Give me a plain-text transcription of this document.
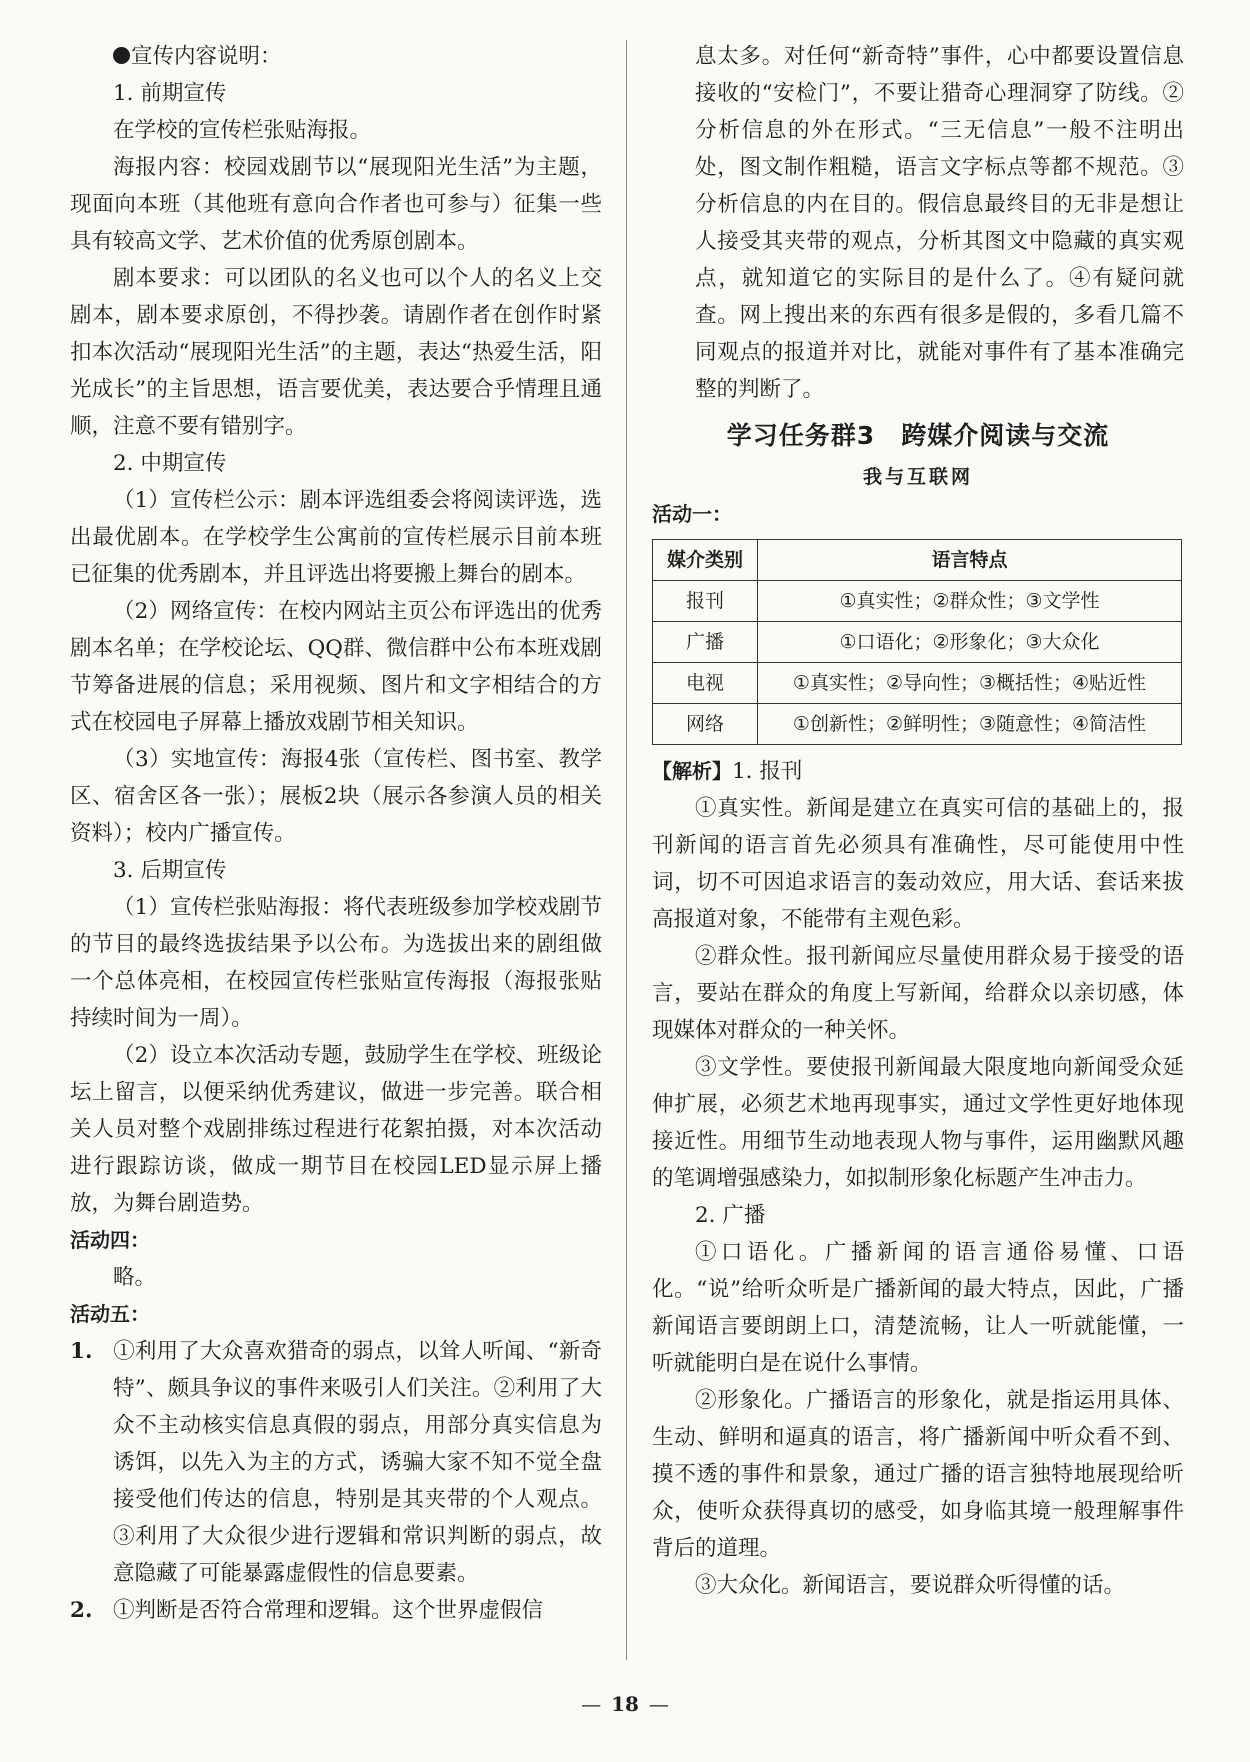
宣传内容说明：

1. 前期宣传

在学校的宣传栏张贴海报。

海报内容：校园戏剧节以“展现阳光生活”为主题，现面向本班（其他班有意向合作者也可参与）征集一些具有较高文学、艺术价值的优秀原创剧本。

剧本要求：可以团队的名义也可以个人的名义上交剧本，剧本要求原创，不得抄袭。请剧作者在创作时紧扣本次活动“展现阳光生活”的主题，表达“热爱生活，阳光成长”的主旨思想，语言要优美，表达要合乎情理且通顺，注意不要有错别字。

2. 中期宣传

（1）宣传栏公示：剧本评选组委会将阅读评选，选出最优剧本。在学校学生公寓前的宣传栏展示目前本班已征集的优秀剧本，并且评选出将要搬上舞台的剧本。

（2）网络宣传：在校内网站主页公布评选出的优秀剧本名单；在学校论坛、QQ群、微信群中公布本班戏剧节筹备进展的信息；采用视频、图片和文字相结合的方式在校园电子屏幕上播放戏剧节相关知识。

（3）实地宣传：海报4张（宣传栏、图书室、教学区、宿舍区各一张）；展板2块（展示各参演人员的相关资料）；校内广播宣传。

3. 后期宣传

（1）宣传栏张贴海报：将代表班级参加学校戏剧节的节目的最终选拔结果予以公布。为选拔出来的剧组做一个总体亮相，在校园宣传栏张贴宣传海报（海报张贴持续时间为一周）。

（2）设立本次活动专题，鼓励学生在学校、班级论坛上留言，以便采纳优秀建议，做进一步完善。联合相关人员对整个戏剧排练过程进行花絮拍摄，对本次活动进行跟踪访谈，做成一期节目在校园LED显示屏上播放，为舞台剧造势。

活动四：

略。

活动五：

1. ①利用了大众喜欢猎奇的弱点，以耸人听闻、“新奇特”、颇具争议的事件来吸引人们关注。②利用了大众不主动核实信息真假的弱点，用部分真实信息为诱饵，以先入为主的方式，诱骗大家不知不觉全盘接受他们传达的信息，特别是其夹带的个人观点。③利用了大众很少进行逻辑和常识判断的弱点，故意隐藏了可能暴露虚假性的信息要素。

2. ①判断是否符合常理和逻辑。这个世界虚假信

息太多。对任何“新奇特”事件，心中都要设置信息接收的“安检门”，不要让猎奇心理洞穿了防线。②分析信息的外在形式。“三无信息”一般不注明出处，图文制作粗糙，语言文字标点等都不规范。③分析信息的内在目的。假信息最终目的无非是想让人接受其夹带的观点，分析其图文中隐藏的真实观点，就知道它的实际目的是什么了。④有疑问就查。网上搜出来的东西有很多是假的，多看几篇不同观点的报道并对比，就能对事件有了基本准确完整的判断了。

学习任务群3　跨媒介阅读与交流
我与互联网

活动一：

媒介类别	语言特点
报刊	①真实性；②群众性；③文学性
广播	①口语化；②形象化；③大众化
电视	①真实性；②导向性；③概括性；④贴近性
网络	①创新性；②鲜明性；③随意性；④简洁性

【解析】1. 报刊

①真实性。新闻是建立在真实可信的基础上的，报刊新闻的语言首先必须具有准确性，尽可能使用中性词，切不可因追求语言的轰动效应，用大话、套话来拔高报道对象，不能带有主观色彩。

②群众性。报刊新闻应尽量使用群众易于接受的语言，要站在群众的角度上写新闻，给群众以亲切感，体现媒体对群众的一种关怀。

③文学性。要使报刊新闻最大限度地向新闻受众延伸扩展，必须艺术地再现事实，通过文学性更好地体现接近性。用细节生动地表现人物与事件，运用幽默风趣的笔调增强感染力，如拟制形象化标题产生冲击力。

2. 广播

①口语化。广播新闻的语言通俗易懂、口语化。“说”给听众听是广播新闻的最大特点，因此，广播新闻语言要朗朗上口，清楚流畅，让人一听就能懂，一听就能明白是在说什么事情。

②形象化。广播语言的形象化，就是指运用具体、生动、鲜明和逼真的语言，将广播新闻中听众看不到、摸不透的事件和景象，通过广播的语言独特地展现给听众，使听众获得真切的感受，如身临其境一般理解事件背后的道理。

③大众化。新闻语言，要说群众听得懂的话。

— 18 —
